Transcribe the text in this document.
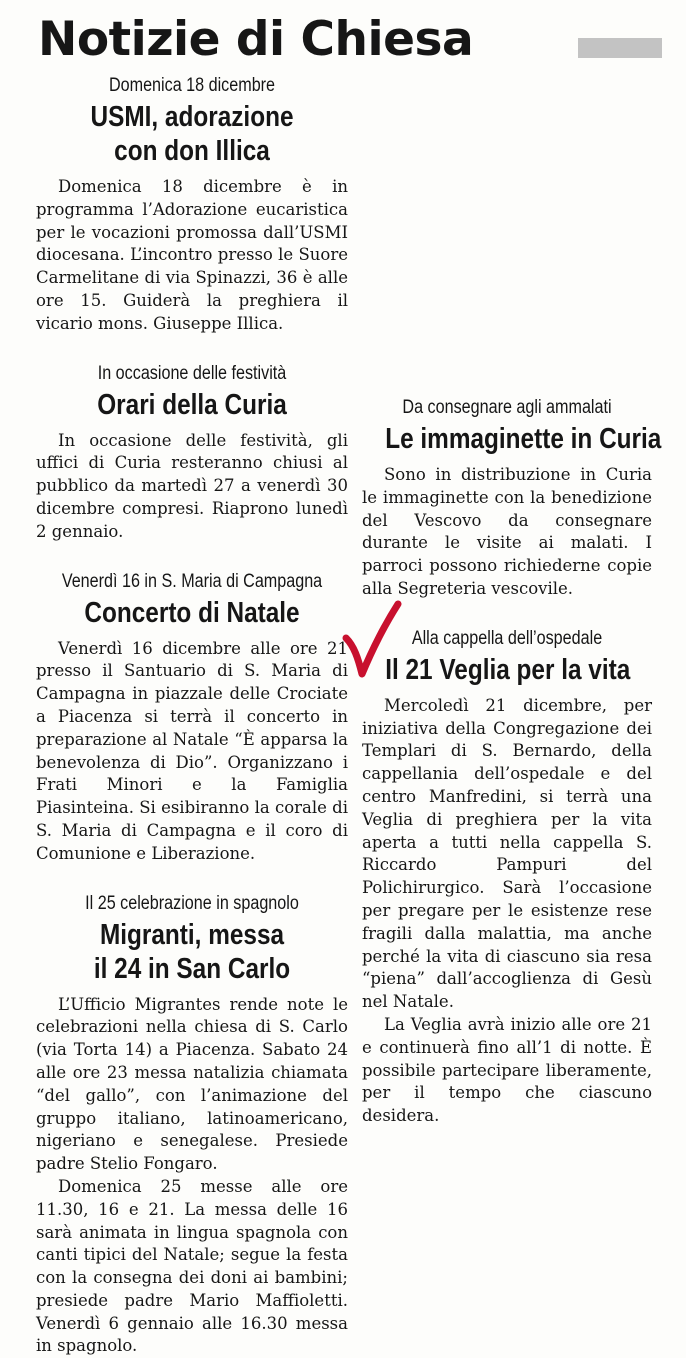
Notizie di Chiesa
Domenica 18 dicembre
USMI, adorazione
con don Illica

Domenica 18 dicembre è in programma l’Adorazione eucaristica per le vocazioni promossa dall’USMI diocesana. L’incontro presso le Suore Carmelitane di via Spinazzi, 36 è alle ore 15. Guiderà la preghiera il vicario mons. Giuseppe Illica.

In occasione delle festività
Orari della Curia

In occasione delle festività, gli uffici di Curia resteranno chiusi al pubblico da martedì 27 a venerdì 30 dicembre compresi. Riaprono lunedì 2 gennaio.

Venerdì 16 in S. Maria di Campagna
Concerto di Natale

Venerdì 16 dicembre alle ore 21 presso il Santuario di S. Maria di Campagna in piazzale delle Crociate a Piacenza si terrà il concerto in preparazione al Natale “È apparsa la benevolenza di Dio”. Organizzano i Frati Minori e la Famiglia Piasinteina. Si esibiranno la corale di S. Maria di Campagna e il coro di Comunione e Liberazione.

Il 25 celebrazione in spagnolo
Migranti, messa
il 24 in San Carlo

L’Ufficio Migrantes rende note le celebrazioni nella chiesa di S. Carlo (via Torta 14) a Piacenza. Sabato 24 alle ore 23 messa natalizia chiamata “del gallo”, con l’animazione del gruppo italiano, latinoamericano, nigeriano e senegalese. Presiede padre Stelio Fongaro.

Domenica 25 messe alle ore 11.30, 16 e 21. La messa delle 16 sarà animata in lingua spagnola con canti tipici del Natale; segue la festa con la consegna dei doni ai bambini; presiede padre Mario Maffioletti. Venerdì 6 gennaio alle 16.30 messa in spagnolo.

Da consegnare agli ammalati
Le immaginette in Curia

Sono in distribuzione in Curia le immaginette con la benedizione del Vescovo da consegnare durante le visite ai malati. I parroci possono richiederne copie alla Segreteria vescovile.

Alla cappella dell’ospedale
Il 21 Veglia per la vita

Mercoledì 21 dicembre, per iniziativa della Congregazione dei Templari di S. Bernardo, della cappellania dell’ospedale e del centro Manfredini, si terrà una Veglia di preghiera per la vita aperta a tutti nella cappella S. Riccardo Pampuri del Polichirurgico. Sarà l’occasione per pregare per le esistenze rese fragili dalla malattia, ma anche perché la vita di ciascuno sia resa “piena” dall’accoglienza di Gesù nel Natale.

La Veglia avrà inizio alle ore 21 e continuerà fino all’1 di notte. È possibile partecipare liberamente, per il tempo che ciascuno desidera.
